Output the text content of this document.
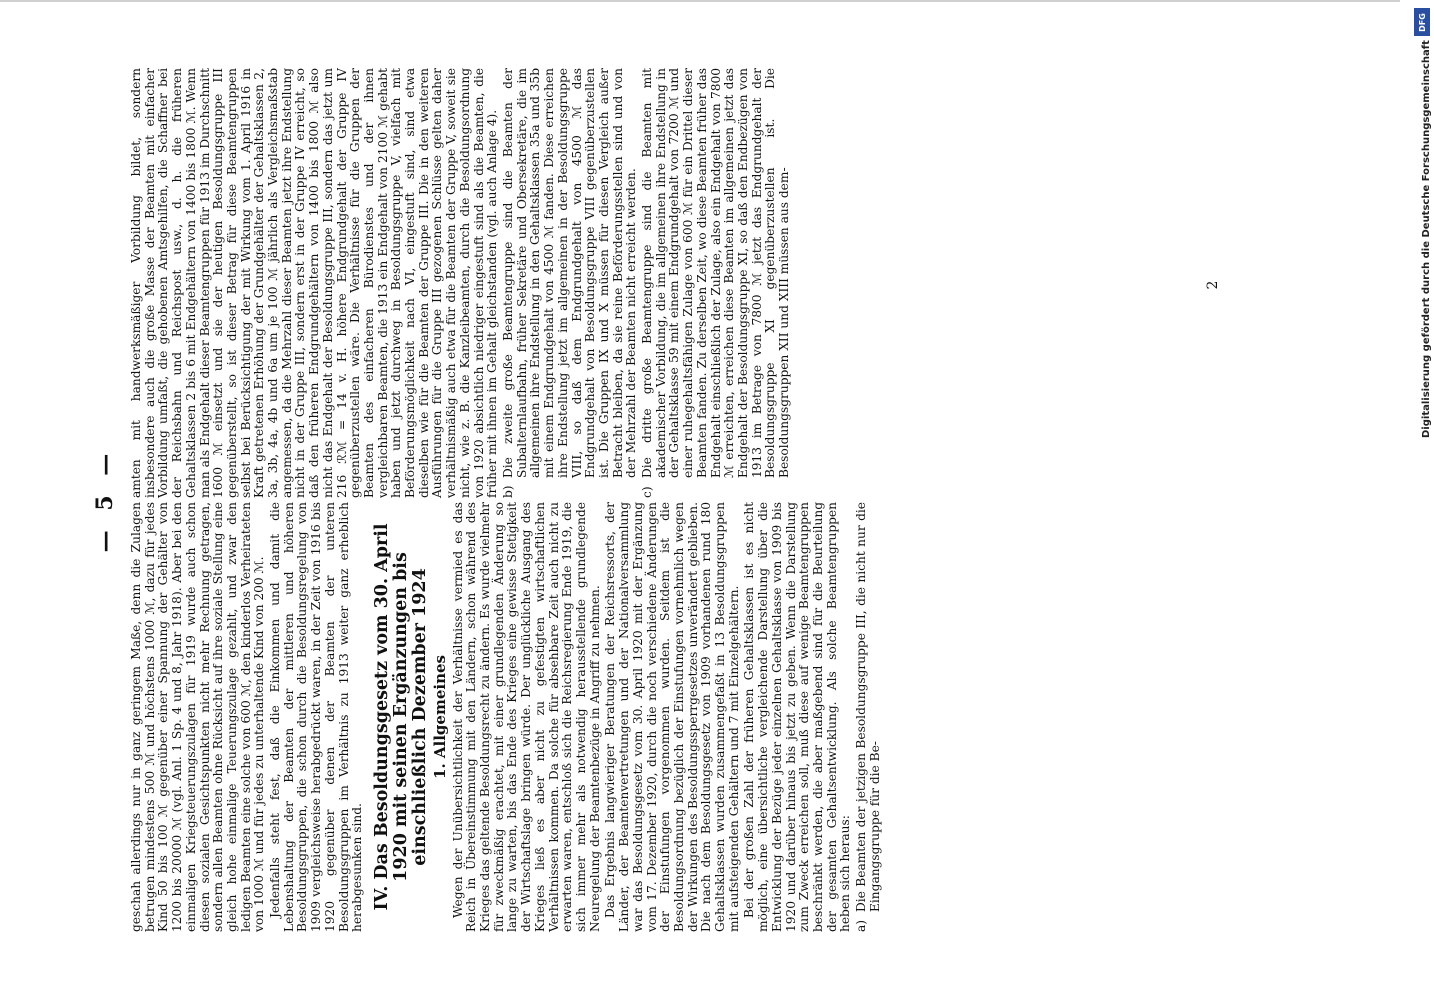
— 5 —

geschah allerdings nur in ganz geringem Maße, denn die Zulagen betrugen mindestens 500 ℳ und höchstens 1000 ℳ, dazu für jedes Kind 50 bis 100 ℳ gegenüber einer Spannung der Gehälter von 1200 bis 20000 ℳ (vgl. Anl. 1 Sp. 4 und 8, Jahr 1918). Aber bei den einmaligen Kriegsteuerungszulagen für 1919 wurde auch schon diesen sozialen Gesichtspunkten nicht mehr Rechnung getragen, sondern allen Beamten ohne Rücksicht auf ihre soziale Stellung eine gleich hohe einmalige Teuerungszulage gezahlt, und zwar den ledigen Beamten eine solche von 600 ℳ, den kinderlos Verheirateten von 1000 ℳ und für jedes zu unterhaltende Kind von 200 ℳ. Jedenfalls steht fest, daß die Einkommen und damit die Lebenshaltung der Beamten der mittleren und höheren Besoldungsgruppen, die schon durch die Besoldungsregelung von 1909 vergleichsweise herabgedrückt waren, in der Zeit von 1916 bis 1920 gegenüber denen der Beamten der unteren Besoldungsgruppen im Verhältnis zu 1913 weiter ganz erheblich herabgesunken sind. IV. Das Besoldungsgesetz vom 30. April 1920 mit seinen Ergänzungen bis einschließlich Dezember 1924 1. Allgemeines Wegen der Unübersichtlichkeit der Verhältnisse vermied es das Reich in Übereinstimmung mit den Ländern, schon während des Krieges das geltende Besoldungsrecht zu ändern. Es wurde vielmehr für zweckmäßig erachtet, mit einer grundlegenden Änderung so lange zu warten, bis das Ende des Krieges eine gewisse Stetigkeit der Wirtschaftslage bringen würde. Der unglückliche Ausgang des Krieges ließ es aber nicht zu gefestigten wirtschaftlichen Verhältnissen kommen. Da solche für absehbare Zeit auch nicht zu erwarten waren, entschloß sich die Reichsregierung Ende 1919, die sich immer mehr als notwendig herausstellende grundlegende Neuregelung der Beamtenbezüge in Angriff zu nehmen. Das Ergebnis langwieriger Beratungen der Reichsressorts, der Länder, der Beamtenvertretungen und der Nationalversammlung war das Besoldungsgesetz vom 30. April 1920 mit der Ergänzung vom 17. Dezember 1920, durch die noch verschiedene Änderungen der Einstufungen vorgenommen wurden. Seitdem ist die Besoldungsordnung bezüglich der Einstufungen vornehmlich wegen der Wirkungen des Besoldungssperrgesetzes unverändert geblieben. Die nach dem Besoldungsgesetz von 1909 vorhandenen rund 180 Gehaltsklassen wurden zusammengefaßt in 13 Besoldungsgruppen mit aufsteigenden Gehältern und 7 mit Einzelgehältern. Bei der großen Zahl der früheren Gehaltsklassen ist es nicht möglich, eine übersichtliche vergleichende Darstellung über die Entwicklung der Bezüge jeder einzelnen Gehaltsklasse von 1909 bis 1920 und darüber hinaus bis jetzt zu geben. Wenn die Darstellung zum Zweck erreichen soll, muß diese auf wenige Beamtengruppen beschränkt werden, die aber maßgebend sind für die Beurteilung der gesamten Gehaltsentwicklung. Als solche Beamtengruppen heben sich heraus: a)
Die Beamten der jetzigen Besoldungsgruppe III, die nicht nur die Eingangsgruppe für die Be-

amten mit handwerksmäßiger Vorbildung bildet, sondern insbesondere auch die große Masse der Beamten mit einfacher Vorbildung umfaßt, die gehobenen Amtsgehilfen, die Schaffner bei der Reichsbahn und Reichspost usw., d. h. die früheren Gehaltsklassen 2 bis 6 mit Endgehältern von 1400 bis 1800 ℳ. Wenn man als Endgehalt dieser Beamtengruppen für 1913 im Durchschnitt 1600 ℳ einsetzt und sie der heutigen Besoldungsgruppe III gegenüberstellt, so ist dieser Betrag für diese Beamtengruppen selbst bei Berücksichtigung der mit Wirkung vom 1. April 1916 in Kraft getretenen Erhöhung der Grundgehälter der Gehaltsklassen 2, 3a, 3b, 4a, 4b und 6a um je 100 ℳ jährlich als Vergleichsmaßstab angemessen, da die Mehrzahl dieser Beamten jetzt ihre Endstellung nicht in der Gruppe III, sondern erst in der Gruppe IV erreicht, so daß den früheren Endgrundgehältern von 1400 bis 1800 ℳ also nicht das Endgehalt der Besoldungsgruppe III, sondern das jetzt um 216 ℛℳ = 14 v. H. höhere Endgrundgehalt der Gruppe IV gegenüberzustellen wäre. Die Verhältnisse für die Gruppen der Beamten des einfacheren Bürodienstes und der ihnen vergleichbaren Beamten, die 1913 ein Endgehalt von 2100 ℳ gehabt haben und jetzt durchweg in Besoldungsgruppe V, vielfach mit Beförderungsmöglichkeit nach VI, eingestuft sind, sind etwa dieselben wie für die Beamten der Gruppe III. Die in den weiteren Ausführungen für die Gruppe III gezogenen Schlüsse gelten daher verhältnismäßig auch etwa für die Beamten der Gruppe V, soweit sie nicht, wie z. B. die Kanzleibeamten, durch die Besoldungsordnung von 1920 absichtlich niedriger eingestuft sind als die Beamten, die früher mit ihnen im Gehalt gleichstanden (vgl. auch Anlage 4). b)
Die zweite große Beamtengruppe sind die Beamten der Subalternlaufbahn, früher Sekretäre und Obersekretäre, die im allgemeinen ihre Endstellung in den Gehaltsklassen 35a und 35b mit einem Endgrundgehalt von 4500 ℳ fanden. Diese erreichen ihre Endstellung jetzt im allgemeinen in der Besoldungsgruppe VIII, so daß dem Endgrundgehalt von 4500 ℳ das Endgrundgehalt von Besoldungsgruppe VIII gegenüberzustellen ist. Die Gruppen IX und X müssen für diesen Vergleich außer Betracht bleiben, da sie reine Beförderungsstellen sind und von der Mehrzahl der Beamten nicht erreicht werden.

c)
Die dritte große Beamtengruppe sind die Beamten mit akademischer Vorbildung, die im allgemeinen ihre Endstellung in der Gehaltsklasse 59 mit einem Endgrundgehalt von 7200 ℳ und einer ruhegehaltsfähigen Zulage von 600 ℳ für ein Drittel dieser Beamten fanden. Zu derselben Zeit, wo diese Beamten früher das Endgehalt einschließlich der Zulage, also ein Endgehalt von 7800 ℳ erreichten, erreichen diese Beamten im allgemeinen jetzt das Endgehalt der Besoldungsgruppe XI, so daß den Endbezügen von 1913 im Betrage von 7800 ℳ jetzt das Endgrundgehalt der Besoldungsgruppe XI gegenüberzustellen ist. Die Besoldungsgruppen XII und XIII müssen aus dem-	2
DFG
Digitalisierung gefördert durch die Deutsche Forschungsgemeinschaft
